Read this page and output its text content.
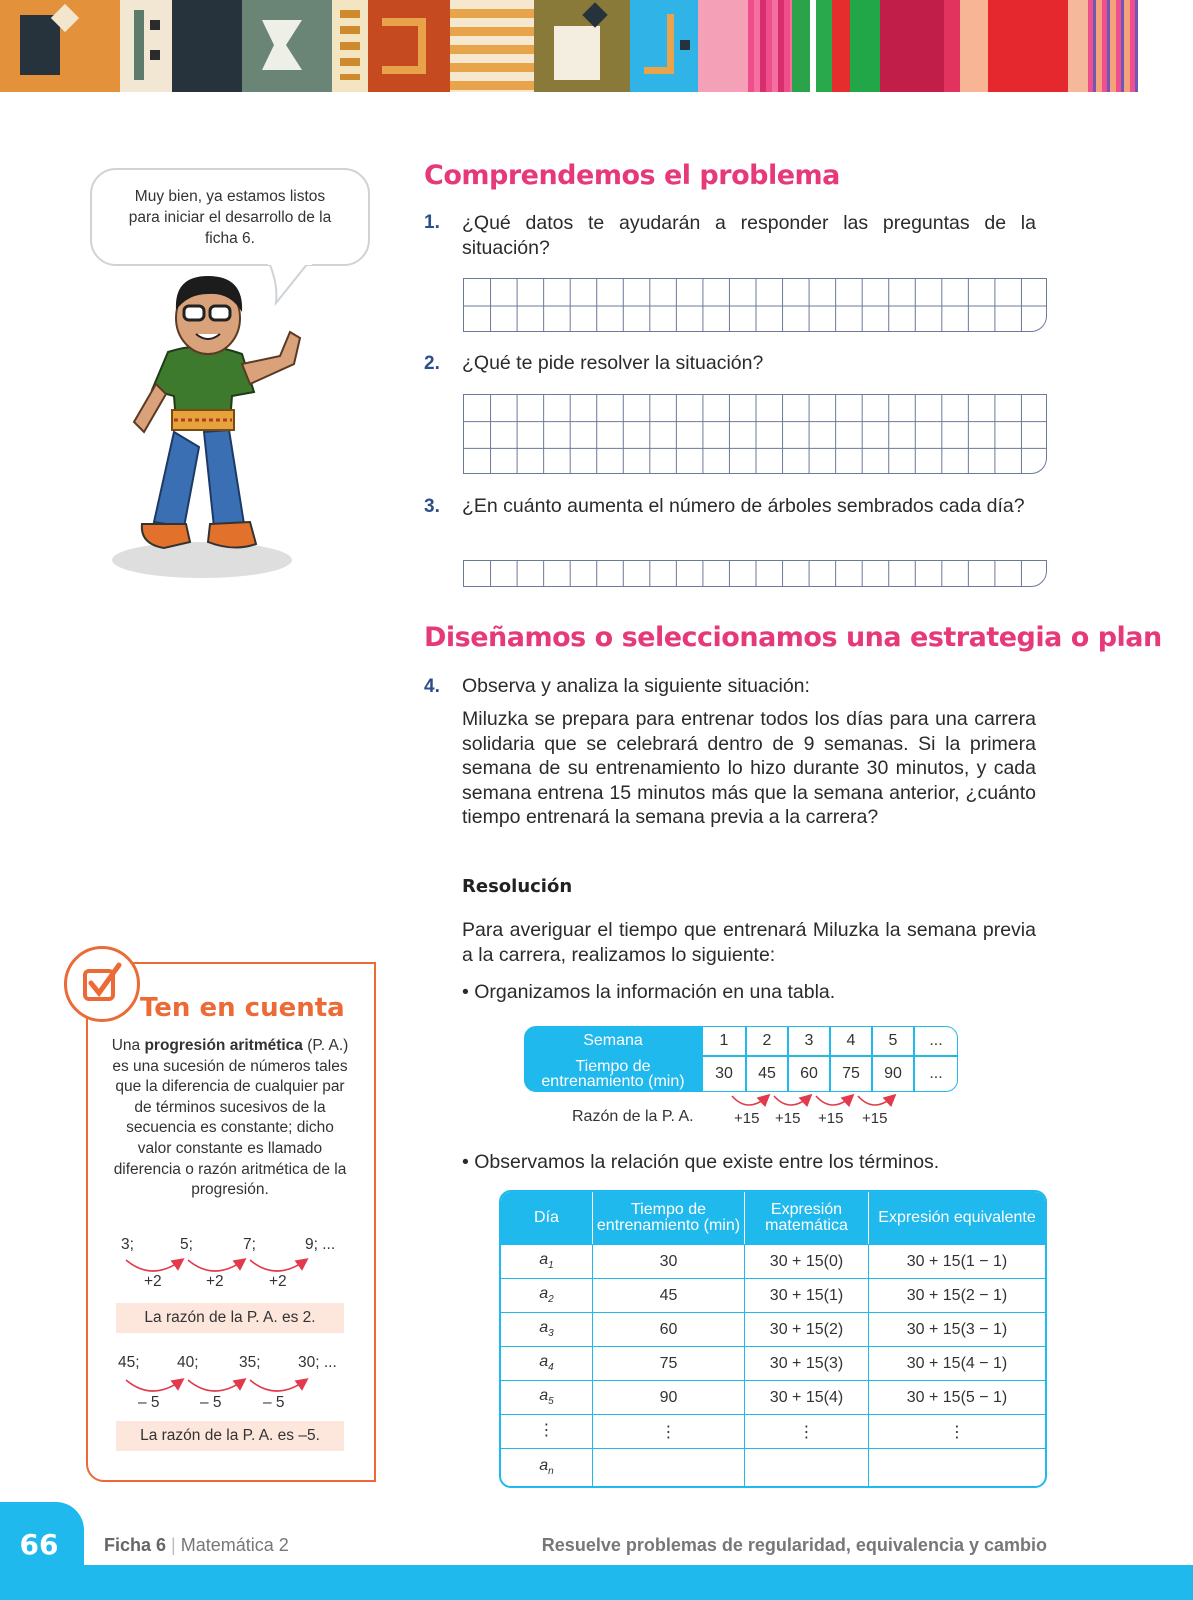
Muy bien, ya estamos listos para iniciar el desarrollo de la ficha 6.
Comprendemos el problema
1. ¿Qué datos te ayudarán a responder las preguntas de la situación?
2. ¿Qué te pide resolver la situación?
3. ¿En cuánto aumenta el número de árboles sembrados cada día?
Diseñamos o seleccionamos una estrategia o plan
4. Observa y analiza la siguiente situación:
Miluzka se prepara para entrenar todos los días para una carrera solidaria que se celebrará dentro de 9 semanas. Si la primera semana de su entrenamiento lo hizo durante 30 minutos, y cada semana entrena 15 minutos más que la semana anterior, ¿cuánto tiempo entrenará la semana previa a la carrera?
Resolución
Para averiguar el tiempo que entrenará Miluzka la semana previa a la carrera, realizamos lo siguiente:
• Organizamos la información en una tabla.
Semana	1	2	3	4	5	...
Tiempo de entrenamiento (min)	30	45	60	75	90	...
Razón de la P. A.	+15 +15 +15 +15
• Observamos la relación que existe entre los términos.
Día	Tiempo de entrenamiento (min)	Expresión matemática	Expresión equivalente
$a_1$	30	30 + 15(0)	30 + 15(1 − 1)
$a_2$	45	30 + 15(1)	30 + 15(2 − 1)
$a_3$	60	30 + 15(2)	30 + 15(3 − 1)
$a_4$	75	30 + 15(3)	30 + 15(4 − 1)
$a_5$	90	30 + 15(4)	30 + 15(5 − 1)
⋮	⋮	⋮	⋮
$a_n$			
Ten en cuenta
Una progresión aritmética (P. A.) es una sucesión de números tales que la diferencia de cualquier par de términos sucesivos de la secuencia es constante; dicho valor constante es llamado diferencia o razón aritmética de la progresión.
3;	5;	7;	9; ...
+2	+2	+2
La razón de la P. A. es 2.
45; 40;	35; 30; ...
– 5	– 5	– 5
La razón de la P. A. es –5.
66	Ficha 6 | Matemática 2	Resuelve problemas de regularidad, equivalencia y cambio
